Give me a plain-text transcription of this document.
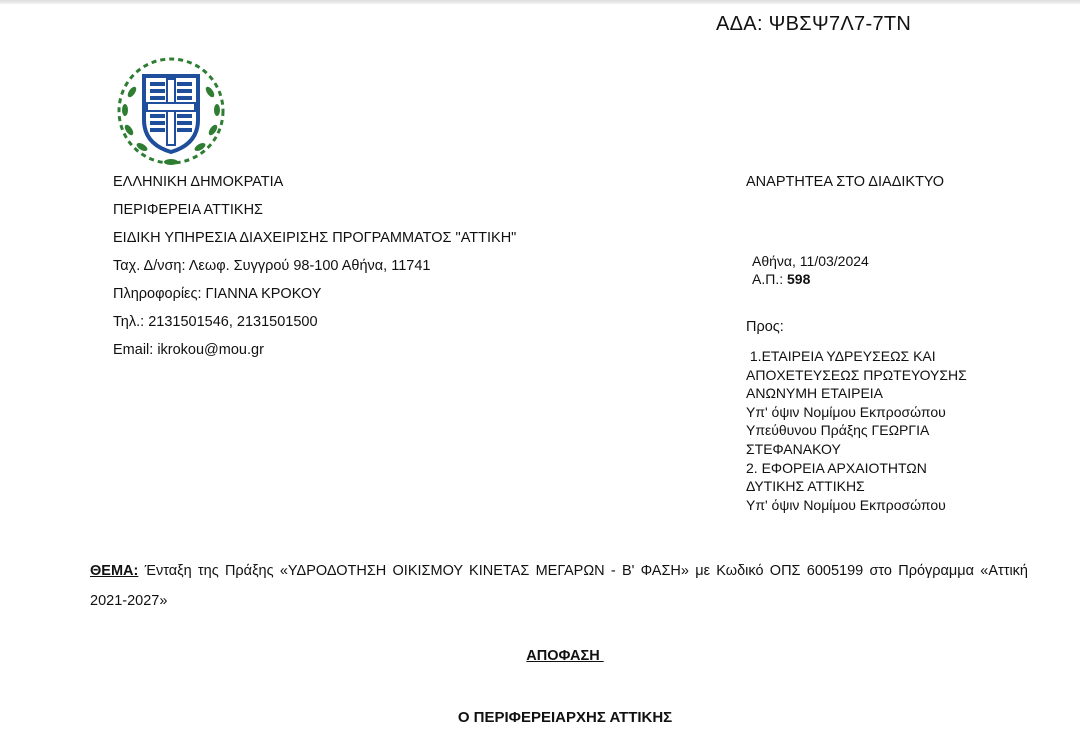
ΑΔΑ: ΨΒΣΨ7Λ7-7ΤΝ
ΕΛΛΗΝΙΚΗ ΔΗΜΟΚΡΑΤΙΑ
ΠΕΡΙΦΕΡΕΙΑ ΑΤΤΙΚΗΣ
ΕΙΔΙΚΗ ΥΠΗΡΕΣΙΑ ΔΙΑΧΕΙΡΙΣΗΣ ΠΡΟΓΡΑΜΜΑΤΟΣ "ΑΤΤΙΚΗ"
Ταχ. Δ/νση: Λεωφ. Συγγρού 98-100 Αθήνα, 11741
Πληροφορίες: ΓΙΑΝΝΑ ΚΡΟΚΟΥ
Τηλ.: 2131501546, 2131501500
Email: ikrokou@mou.gr
ΑΝΑΡΤΗΤΕΑ ΣΤΟ ΔΙΑΔΙΚΤΥΟ
Αθήνα, 11/03/2024
Α.Π.: 598
Προς:
1.ΕΤΑΙΡΕΙΑ ΥΔΡΕΥΣΕΩΣ ΚΑΙ
ΑΠΟΧΕΤΕΥΣΕΩΣ ΠΡΩΤΕΥΟΥΣΗΣ
ΑΝΩΝΥΜΗ ΕΤΑΙΡΕΙΑ
Υπ' όψιν Νομίμου Εκπροσώπου
Υπεύθυνου Πράξης ΓΕΩΡΓΙΑ
ΣΤΕΦΑΝΑΚΟΥ
2. ΕΦΟΡΕΙΑ ΑΡΧΑΙΟΤΗΤΩΝ
ΔΥΤΙΚΗΣ ΑΤΤΙΚΗΣ
Υπ' όψιν Νομίμου Εκπροσώπου
ΘΕΜΑ: Ένταξη της Πράξης «ΥΔΡΟΔΟΤΗΣΗ ΟΙΚΙΣΜΟΥ ΚΙΝΕΤΑΣ ΜΕΓΑΡΩΝ - Β' ΦΑΣΗ» με Κωδικό ΟΠΣ 6005199 στο Πρόγραμμα «Αττική 2021-2027»
ΑΠΟΦΑΣΗ
Ο ΠΕΡΙΦΕΡΕΙΑΡΧΗΣ ΑΤΤΙΚΗΣ
